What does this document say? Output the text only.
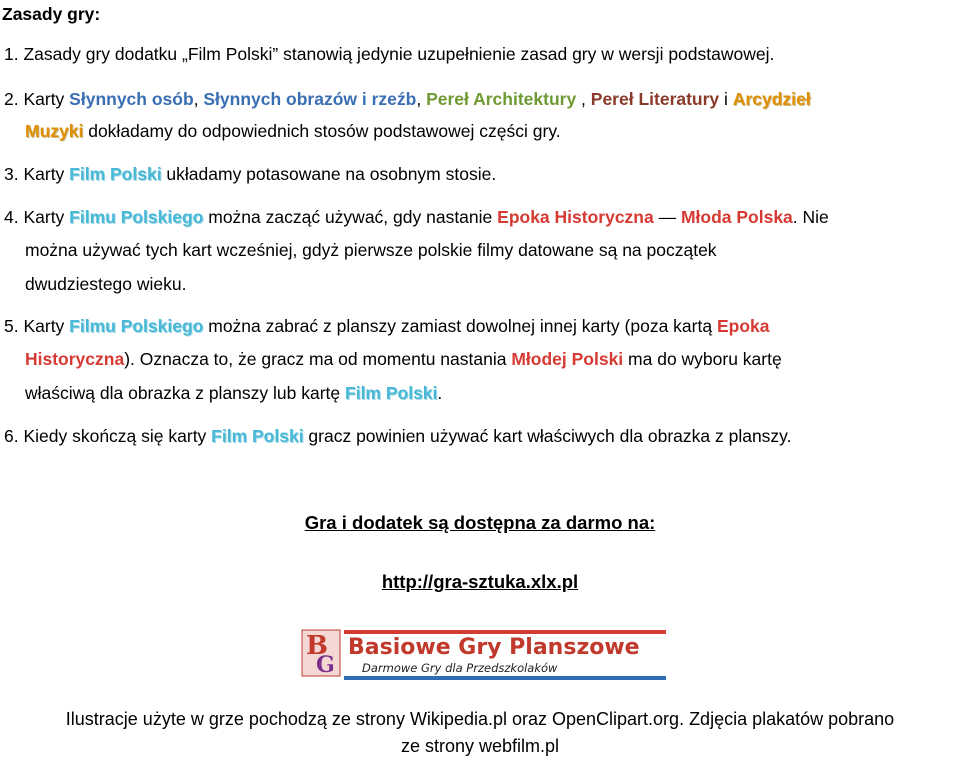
Zasady gry:
1. Zasady gry dodatku „Film Polski” stanowią jedynie uzupełnienie zasad gry w wersji podstawowej.
2. Karty Słynnych osób, Słynnych obrazów i rzeźb, Pereł Architektury , Pereł Literatury i Arcydzieł
Muzyki dokładamy do odpowiednich stosów podstawowej części gry.
3. Karty Film Polski układamy potasowane na osobnym stosie.
4. Karty Filmu Polskiego można zacząć używać, gdy nastanie Epoka Historyczna — Młoda Polska. Nie
można używać tych kart wcześniej, gdyż pierwsze polskie filmy datowane są na początek
dwudziestego wieku.
5. Karty Filmu Polskiego można zabrać z planszy zamiast dowolnej innej karty (poza kartą Epoka
Historyczna). Oznacza to, że gracz ma od momentu nastania Młodej Polski ma do wyboru kartę
właściwą dla obrazka z planszy lub kartę Film Polski.
6. Kiedy skończą się karty Film Polski gracz powinien używać kart właściwych dla obrazka z planszy.
Gra i dodatek są dostępna za darmo na:
http://gra-sztuka.xlx.pl
B
G
Basiowe Gry Planszowe
Darmowe Gry dla Przedszkolaków
Ilustracje użyte w grze pochodzą ze strony Wikipedia.pl oraz OpenClipart.org. Zdjęcia plakatów pobrano
ze strony webfilm.pl
